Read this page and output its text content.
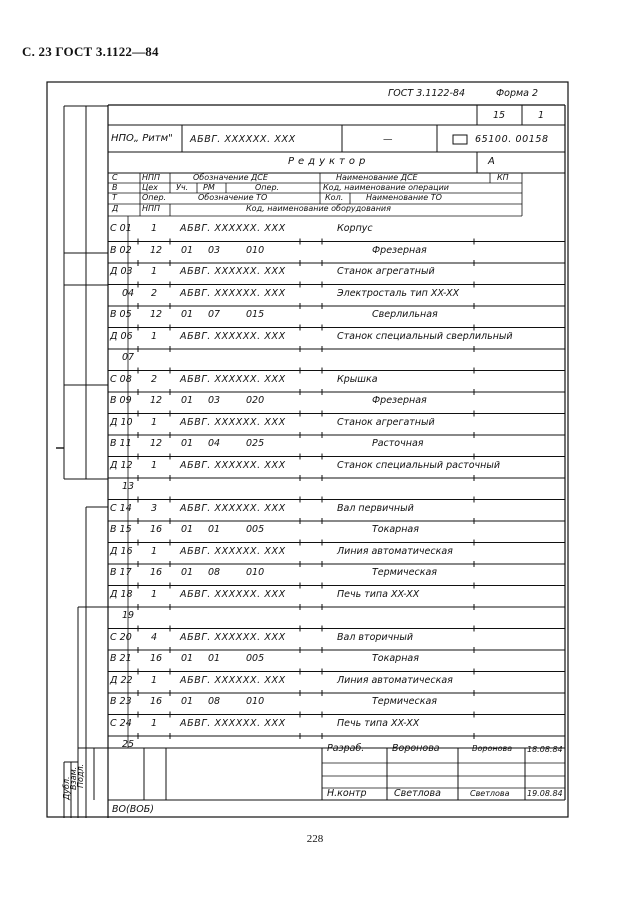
С. 23 ГОСТ 3.1122—84
228
ГОСТ 3.1122-84	Форма 2
15	1
НПО„ Ритм" АБВГ. XXXXXX. XXX	—	65100. 00158
Редуктор	А
С	НПП	Обозначение ДСЕ	Наименование ДСЕ	КП
В	Цех Уч. РМ	Опер.	Код, наименование операции
Т	Опер.	Обозначение ТО	Кол.	Наименование ТО
Д	НПП	Код, наименование оборудования
С 01 1 АБВГ. XXXXXX. XXX	Корпус
В 02 12 01 03	010	Фрезерная
Д 03 1 АБВГ. XXXXXX. XXX	Станок агрегатный
04 2 АБВГ. XXXXXX. XXX	Электросталь тип XX-XX
В 05 12 01 07	015	Сверлильная
Д 06 1 АБВГ. XXXXXX. XXX	Станок специальный сверлильный
07
С 08 2 АБВГ. XXXXXX. XXX	Крышка
В 09 12 01 03	020	Фрезерная
Д 10 1 АБВГ. XXXXXX. XXX	Станок агрегатный
В 11 12 01 04	025	Расточная
Д 12 1 АБВГ. XXXXXX. XXX	Станок специальный расточный
13
С 14 3 АБВГ. XXXXXX. XXX	Вал первичный
В 15 16 01 01	005	Токарная
Д 16 1 АБВГ. XXXXXX. XXX	Линия автоматическая
В 17 16 01 08	010	Термическая
Д 18 1 АБВГ. XXXXXX. XXX	Печь типа XX-XX
19
С 20 4 АБВГ. XXXXXX. XXX	Вал вторичный
В 21 16 01 01	005	Токарная
Д 22 1 АБВГ. XXXXXX. XXX	Линия автоматическая
В 23 16 01 08	010	Термическая
С 24 1 АБВГ. XXXXXX. XXX	Печь типа XX-XX
25	Разраб.	Воронова	Воронова 18.08.84
Н.контр	Светлова	Светлова 19.08.84
Дубл.
Взам.
Подл.
ВО(ВОБ)
